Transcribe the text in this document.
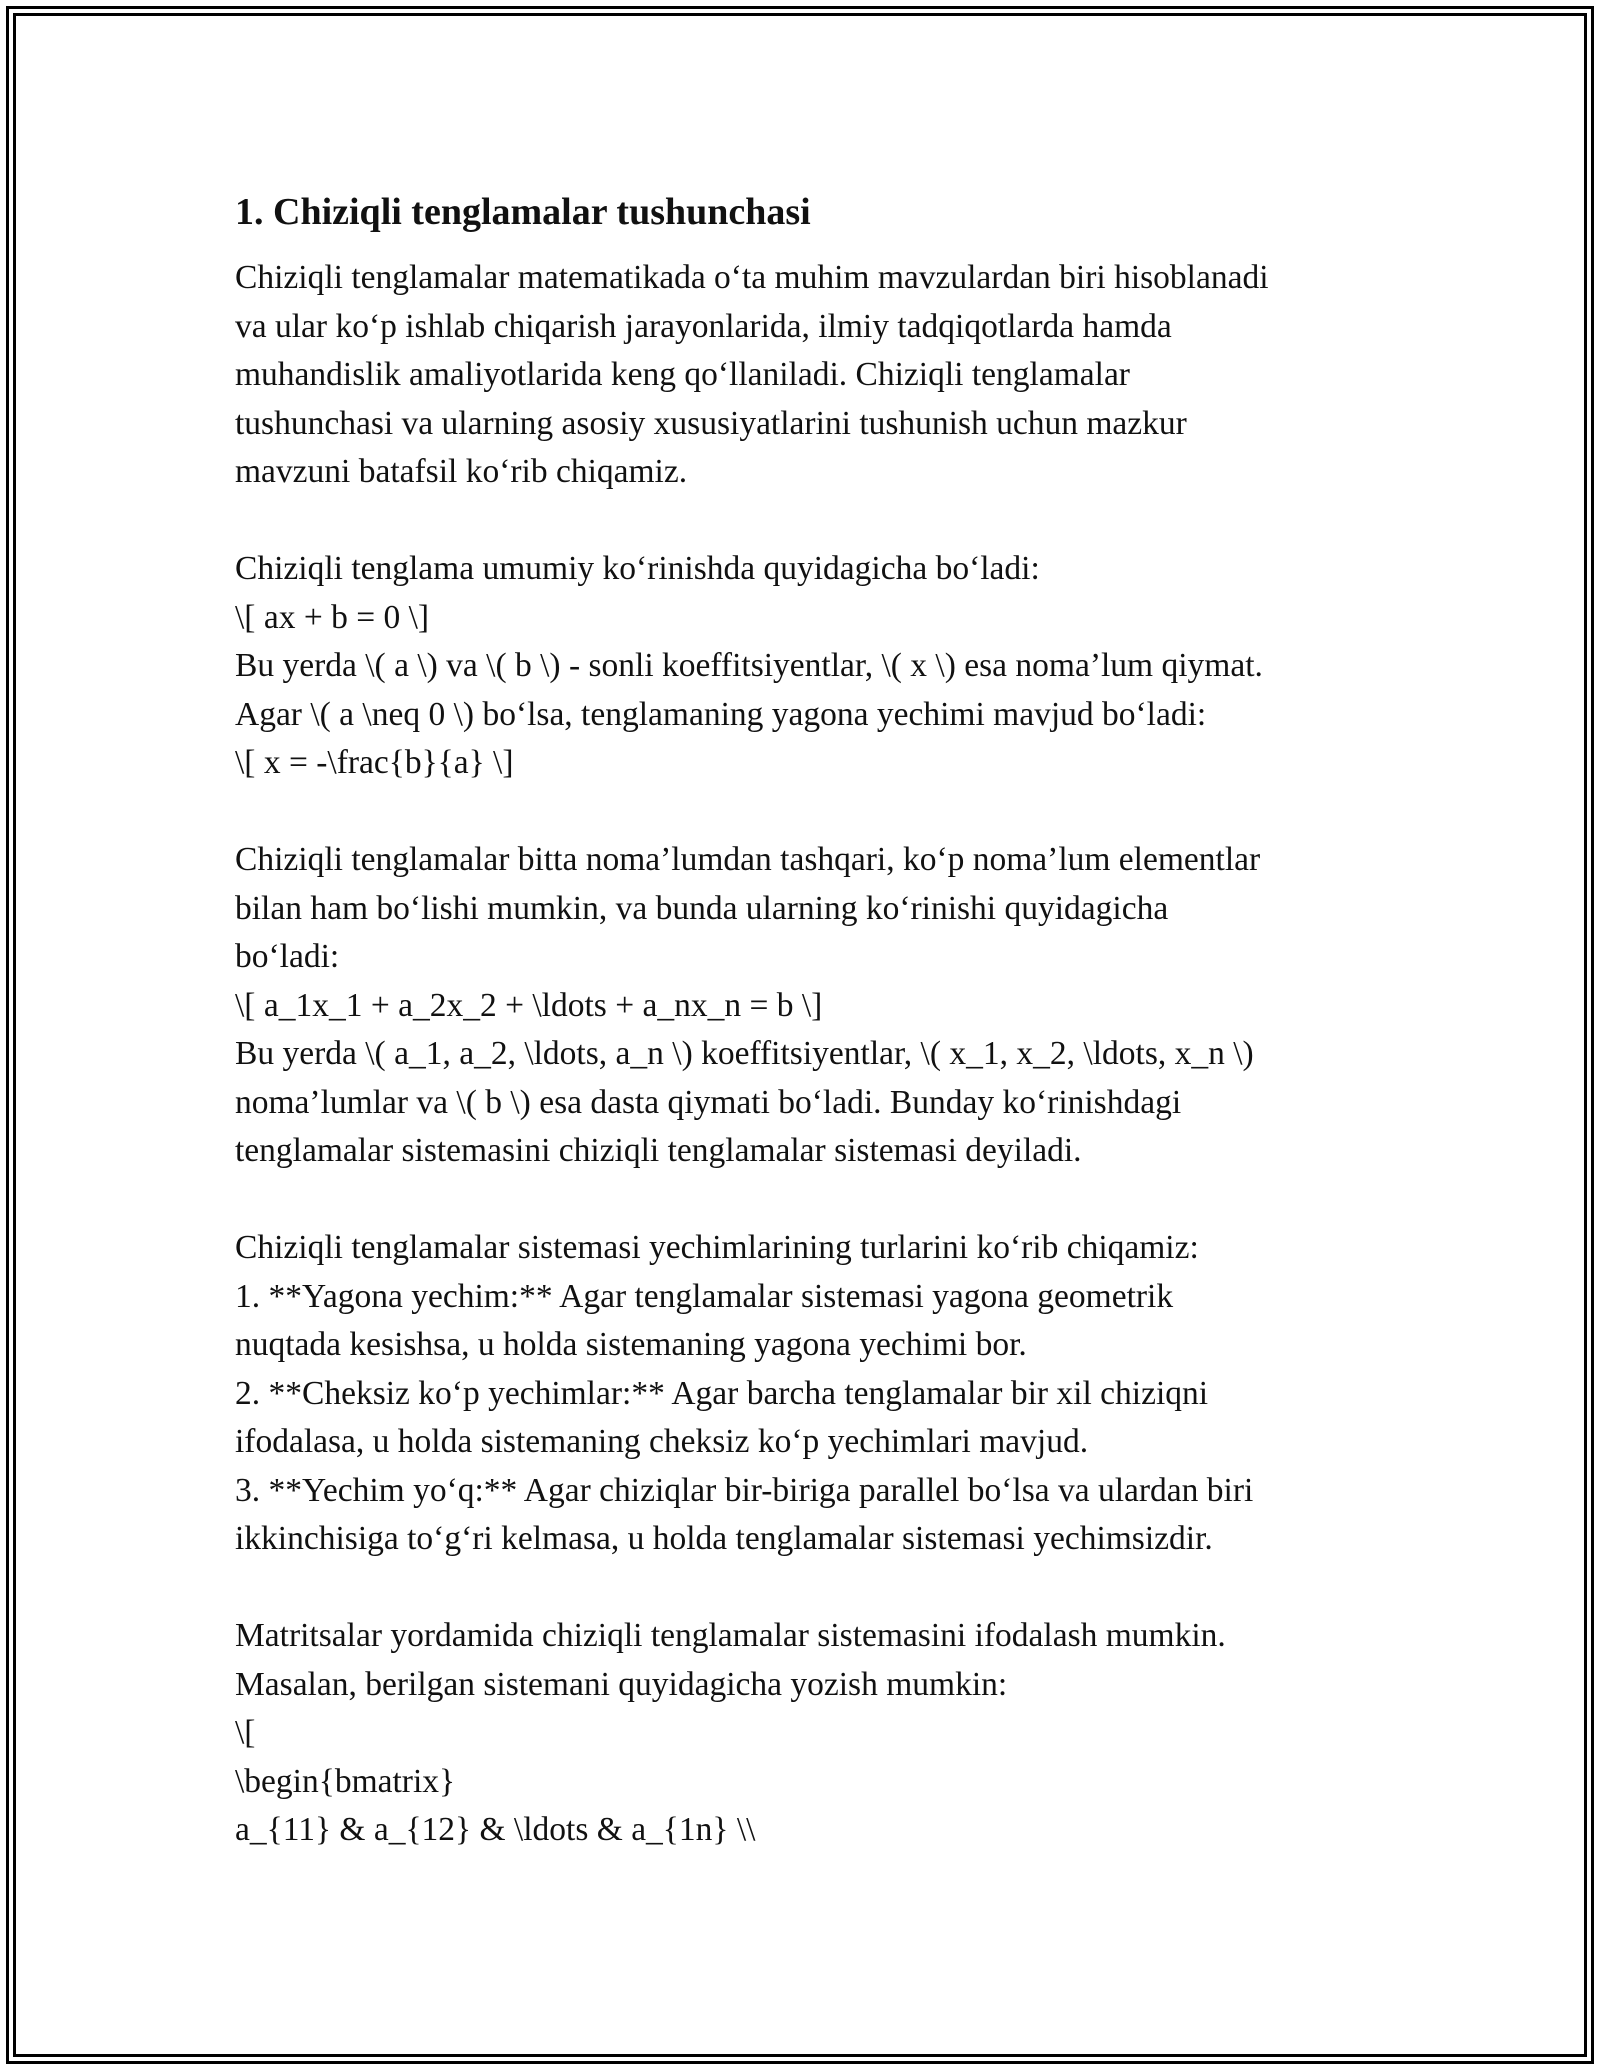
1. Chiziqli tenglamalar tushunchasi
Chiziqli tenglamalar matematikada o‘ta muhim mavzulardan biri hisoblanadi
va ular ko‘p ishlab chiqarish jarayonlarida, ilmiy tadqiqotlarda hamda
muhandislik amaliyotlarida keng qo‘llaniladi. Chiziqli tenglamalar
tushunchasi va ularning asosiy xususiyatlarini tushunish uchun mazkur
mavzuni batafsil ko‘rib chiqamiz.
Chiziqli tenglama umumiy ko‘rinishda quyidagicha bo‘ladi:
\[ ax + b = 0 \]
Bu yerda \( a \) va \( b \) - sonli koeffitsiyentlar, \( x \) esa noma’lum qiymat.
Agar \( a \neq 0 \) bo‘lsa, tenglamaning yagona yechimi mavjud bo‘ladi:
\[ x = -\frac{b}{a} \]
Chiziqli tenglamalar bitta noma’lumdan tashqari, ko‘p noma’lum elementlar
bilan ham bo‘lishi mumkin, va bunda ularning ko‘rinishi quyidagicha
bo‘ladi:
\[ a_1x_1 + a_2x_2 + \ldots + a_nx_n = b \]
Bu yerda \( a_1, a_2, \ldots, a_n \) koeffitsiyentlar, \( x_1, x_2, \ldots, x_n \)
noma’lumlar va \( b \) esa dasta qiymati bo‘ladi. Bunday ko‘rinishdagi
tenglamalar sistemasini chiziqli tenglamalar sistemasi deyiladi.
Chiziqli tenglamalar sistemasi yechimlarining turlarini ko‘rib chiqamiz:
1. **Yagona yechim:** Agar tenglamalar sistemasi yagona geometrik
nuqtada kesishsa, u holda sistemaning yagona yechimi bor.
2. **Cheksiz ko‘p yechimlar:** Agar barcha tenglamalar bir xil chiziqni
ifodalasa, u holda sistemaning cheksiz ko‘p yechimlari mavjud.
3. **Yechim yo‘q:** Agar chiziqlar bir-biriga parallel bo‘lsa va ulardan biri
ikkinchisiga to‘g‘ri kelmasa, u holda tenglamalar sistemasi yechimsizdir.
Matritsalar yordamida chiziqli tenglamalar sistemasini ifodalash mumkin.
Masalan, berilgan sistemani quyidagicha yozish mumkin:
\[
\begin{bmatrix}
a_{11} & a_{12} & \ldots & a_{1n} \\
